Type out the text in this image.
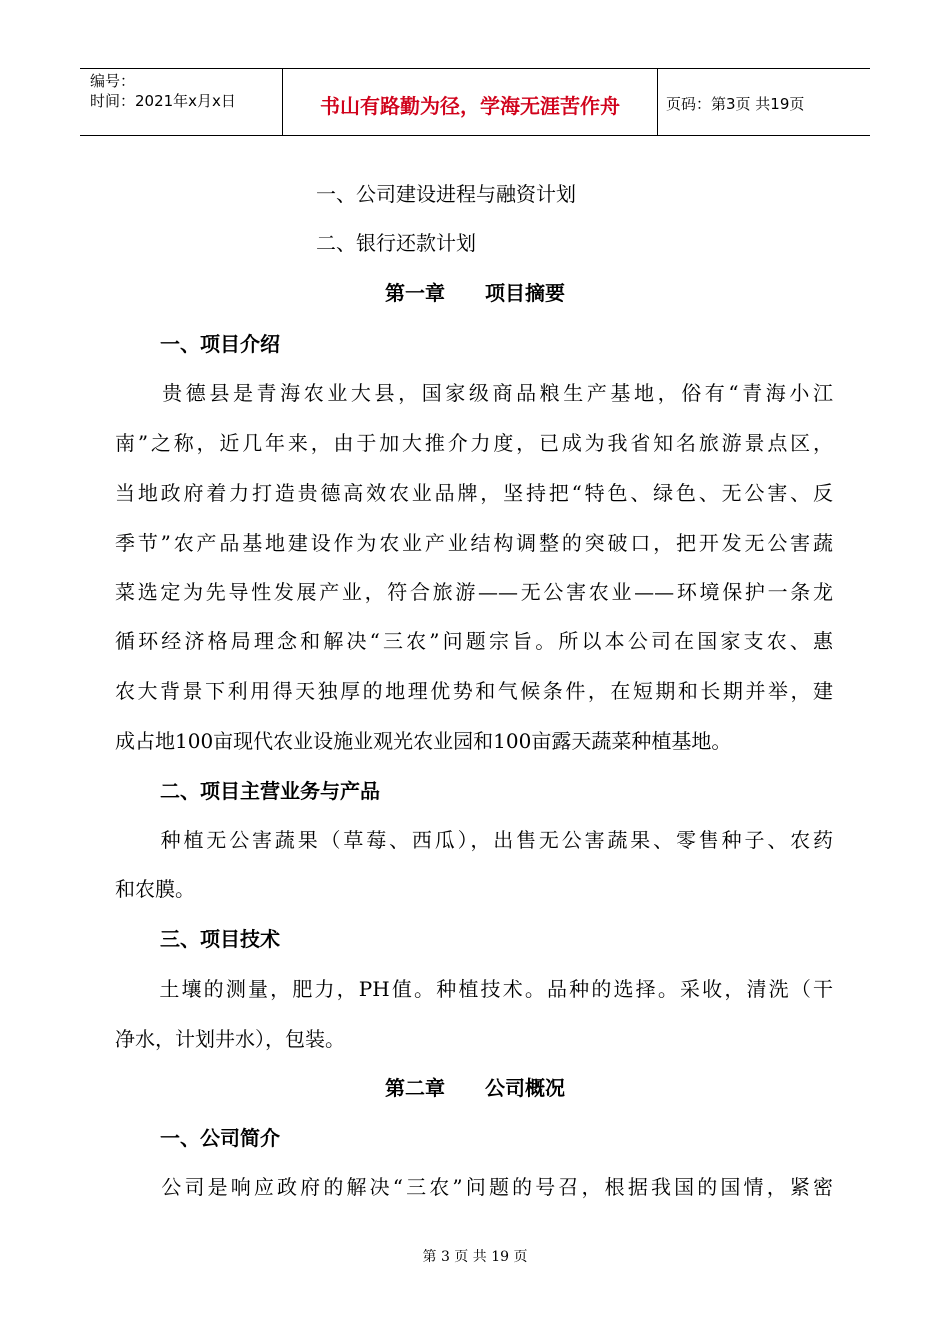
编号：
时间：2021年x月x日	书山有路勤为径，学海无涯苦作舟	页码：第3页 共19页
一、公司建设进程与融资计划
二、银行还款计划
第一章　　项目摘要
一、项目介绍
　　贵德县是青海农业大县，国家级商品粮生产基地，俗有“青海小江
南”之称，近几年来，由于加大推介力度，已成为我省知名旅游景点区，
当地政府着力打造贵德高效农业品牌，坚持把“特色、绿色、无公害、反
季节”农产品基地建设作为农业产业结构调整的突破口，把开发无公害蔬
菜选定为先导性发展产业，符合旅游——无公害农业——环境保护一条龙
循环经济格局理念和解决“三农”问题宗旨。所以本公司在国家支农、惠
农大背景下利用得天独厚的地理优势和气候条件，在短期和长期并举，建
成占地100亩现代农业设施业观光农业园和100亩露天蔬菜种植基地。
二、项目主营业务与产品
　　种植无公害蔬果（草莓、西瓜），出售无公害蔬果、零售种子、农药
和农膜。
三、项目技术
　　土壤的测量，肥力，PH值。种植技术。品种的选择。采收，清洗（干
净水，计划井水），包装。
第二章　　公司概况
一、公司简介
　　公司是响应政府的解决“三农”问题的号召，根据我国的国情，紧密
第 3 页 共 19 页
